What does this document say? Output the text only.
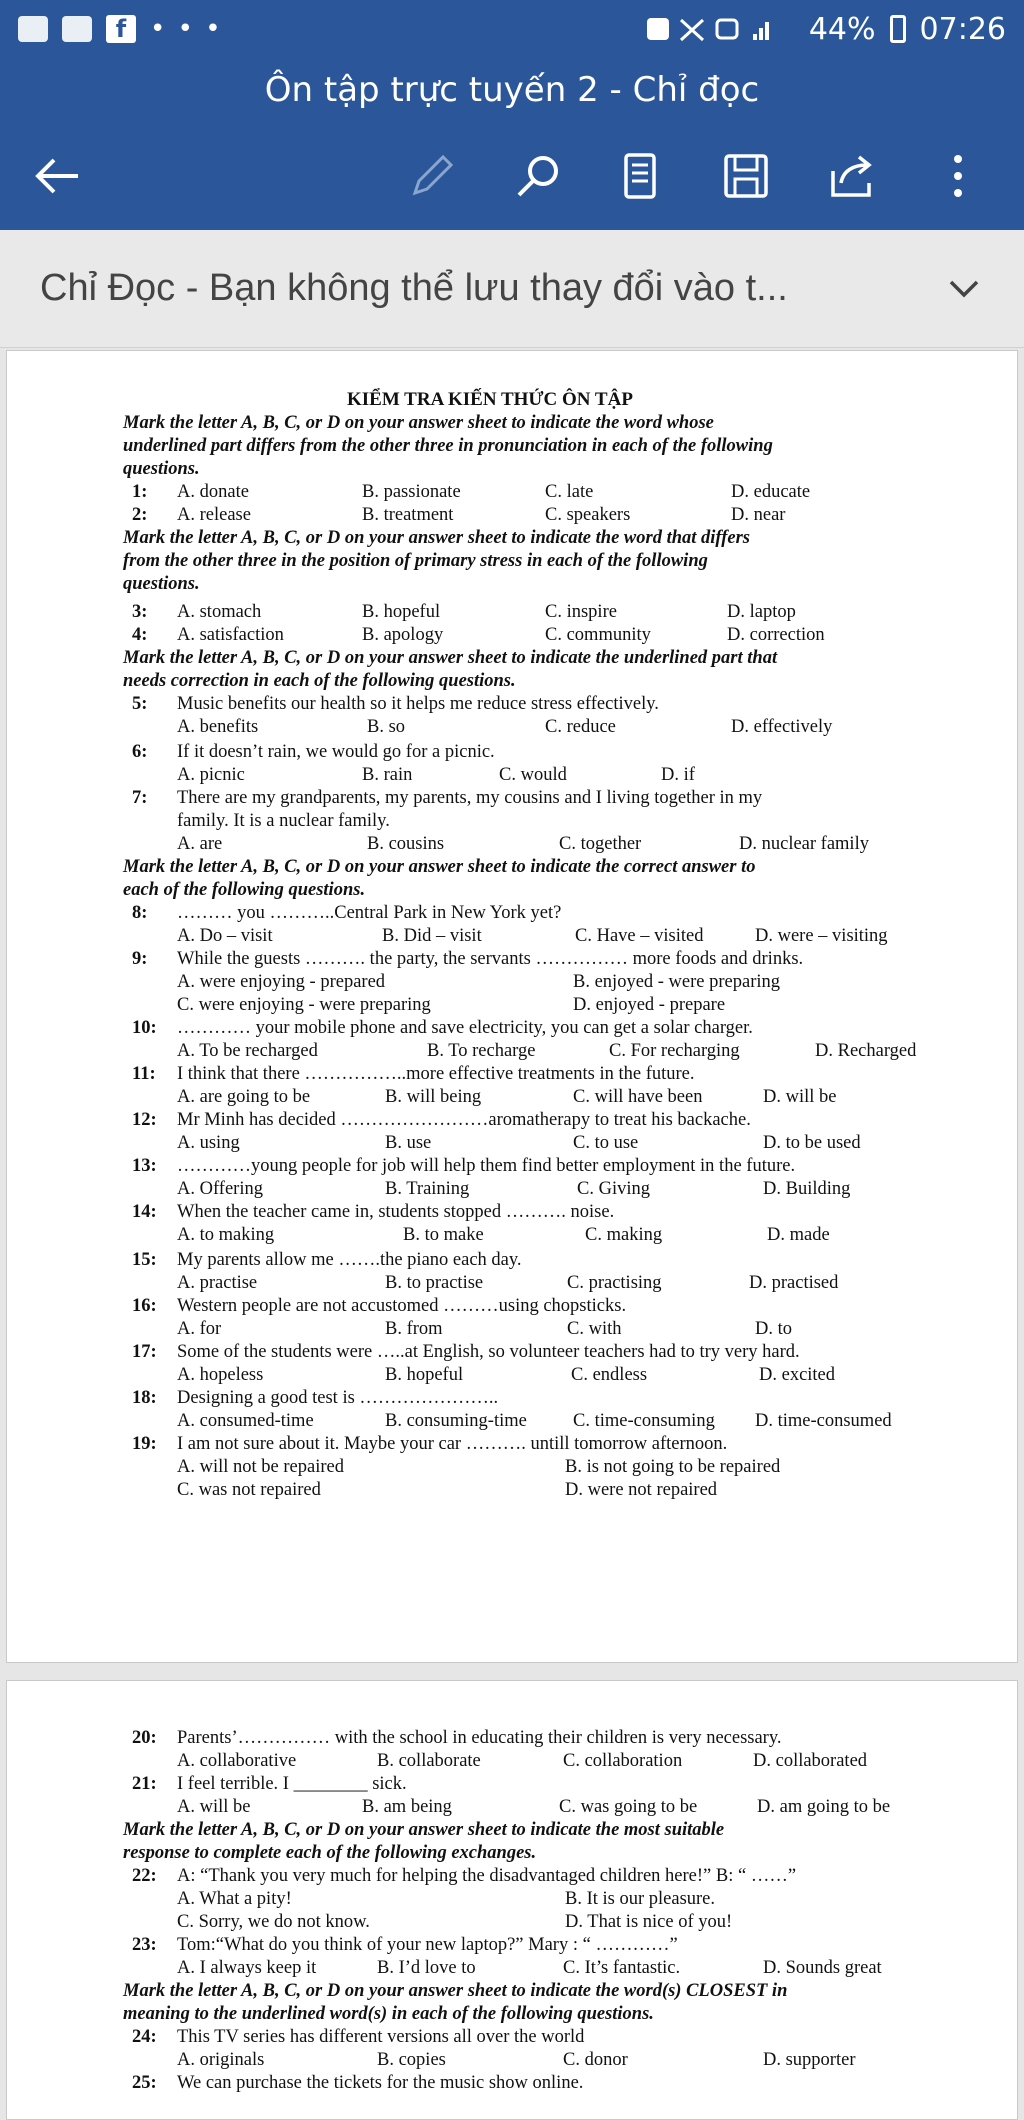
f • • •	44% 07:26
Ôn tập trực tuyến 2 - Chỉ đọc
Chỉ Đọc - Bạn không thể lưu thay đổi vào t...
KIỂM TRA KIẾN THỨC ÔN TẬP
Mark the letter A, B, C, or D on your answer sheet to indicate the word whose
underlined part differs from the other three in pronunciation in each of the following
questions.
1: A. donate	B. passionate	C. late	D. educate
2: A. release	B. treatment	C. speakers	D. near
Mark the letter A, B, C, or D on your answer sheet to indicate the word that differs
from the other three in the position of primary stress in each of the following
questions.
3: A. stomach	B. hopeful	C. inspire	D. laptop
4: A. satisfaction	B. apology	C. community	D. correction
Mark the letter A, B, C, or D on your answer sheet to indicate the underlined part that
needs correction in each of the following questions.
5: Music benefits our health so it helps me reduce stress effectively.
A. benefits	B. so	C. reduce	D. effectively
6: If it doesn’t rain, we would go for a picnic.
A. picnic	B. rain	C. would	D. if
7: There are my grandparents, my parents, my cousins and I living together in my
family. It is a nuclear family.
A. are	B. cousins	C. together	D. nuclear family
Mark the letter A, B, C, or D on your answer sheet to indicate the correct answer to
each of the following questions.
8: ……… you ………..Central Park in New York yet?
A. Do – visit	B. Did – visit	C. Have – visited	D. were – visiting
9: While the guests ………. the party, the servants …………… more foods and drinks.
A. were enjoying - prepared	B. enjoyed - were preparing
C. were enjoying - were preparing	D. enjoyed - prepare
10: ………… your mobile phone and save electricity, you can get a solar charger.
A. To be recharged	B. To recharge	C. For recharging	D. Recharged
11: I think that there ……………..more effective treatments in the future.
A. are going to be	B. will being	C. will have been	D. will be
12: Mr Minh has decided ……………………aromatherapy to treat his backache.
A. using	B. use	C. to use	D. to be used
13: …………young people for job will help them find better employment in the future.
A. Offering	B. Training	C. Giving	D. Building
14: When the teacher came in, students stopped ………. noise.
A. to making	B. to make	C. making	D. made
15: My parents allow me …….the piano each day.
A. practise	B. to practise	C. practising	D. practised
16: Western people are not accustomed ………using chopsticks.
A. for	B. from	C. with	D. to
17: Some of the students were …..at English, so volunteer teachers had to try very hard.
A. hopeless	B. hopeful	C. endless	D. excited
18: Designing a good test is …………………..
A. consumed-time	B. consuming-time C. time-consuming D. time-consumed
19: I am not sure about it. Maybe your car ………. untill tomorrow afternoon.
A. will not be repaired	B. is not going to be repaired
C. was not repaired	D. were not repaired
20: Parents’…………… with the school in educating their children is very necessary.
A. collaborative	B. collaborate	C. collaboration	D. collaborated
21: I feel terrible. I ________ sick.
A. will be	B. am being	C. was going to be	D. am going to be
Mark the letter A, B, C, or D on your answer sheet to indicate the most suitable
response to complete each of the following exchanges.
22: A: “Thank you very much for helping the disadvantaged children here!” B: “ ……”
A. What a pity!	B. It is our pleasure.
C. Sorry, we do not know.	D. That is nice of you!
23: Tom:“What do you think of your new laptop?” Mary : “ …………”
A. I always keep it	B. I’d love to	C. It’s fantastic.	D. Sounds great
Mark the letter A, B, C, or D on your answer sheet to indicate the word(s) CLOSEST in
meaning to the underlined word(s) in each of the following questions.
24: This TV series has different versions all over the world
A. originals	B. copies	C. donor	D. supporter
25: We can purchase the tickets for the music show online.
